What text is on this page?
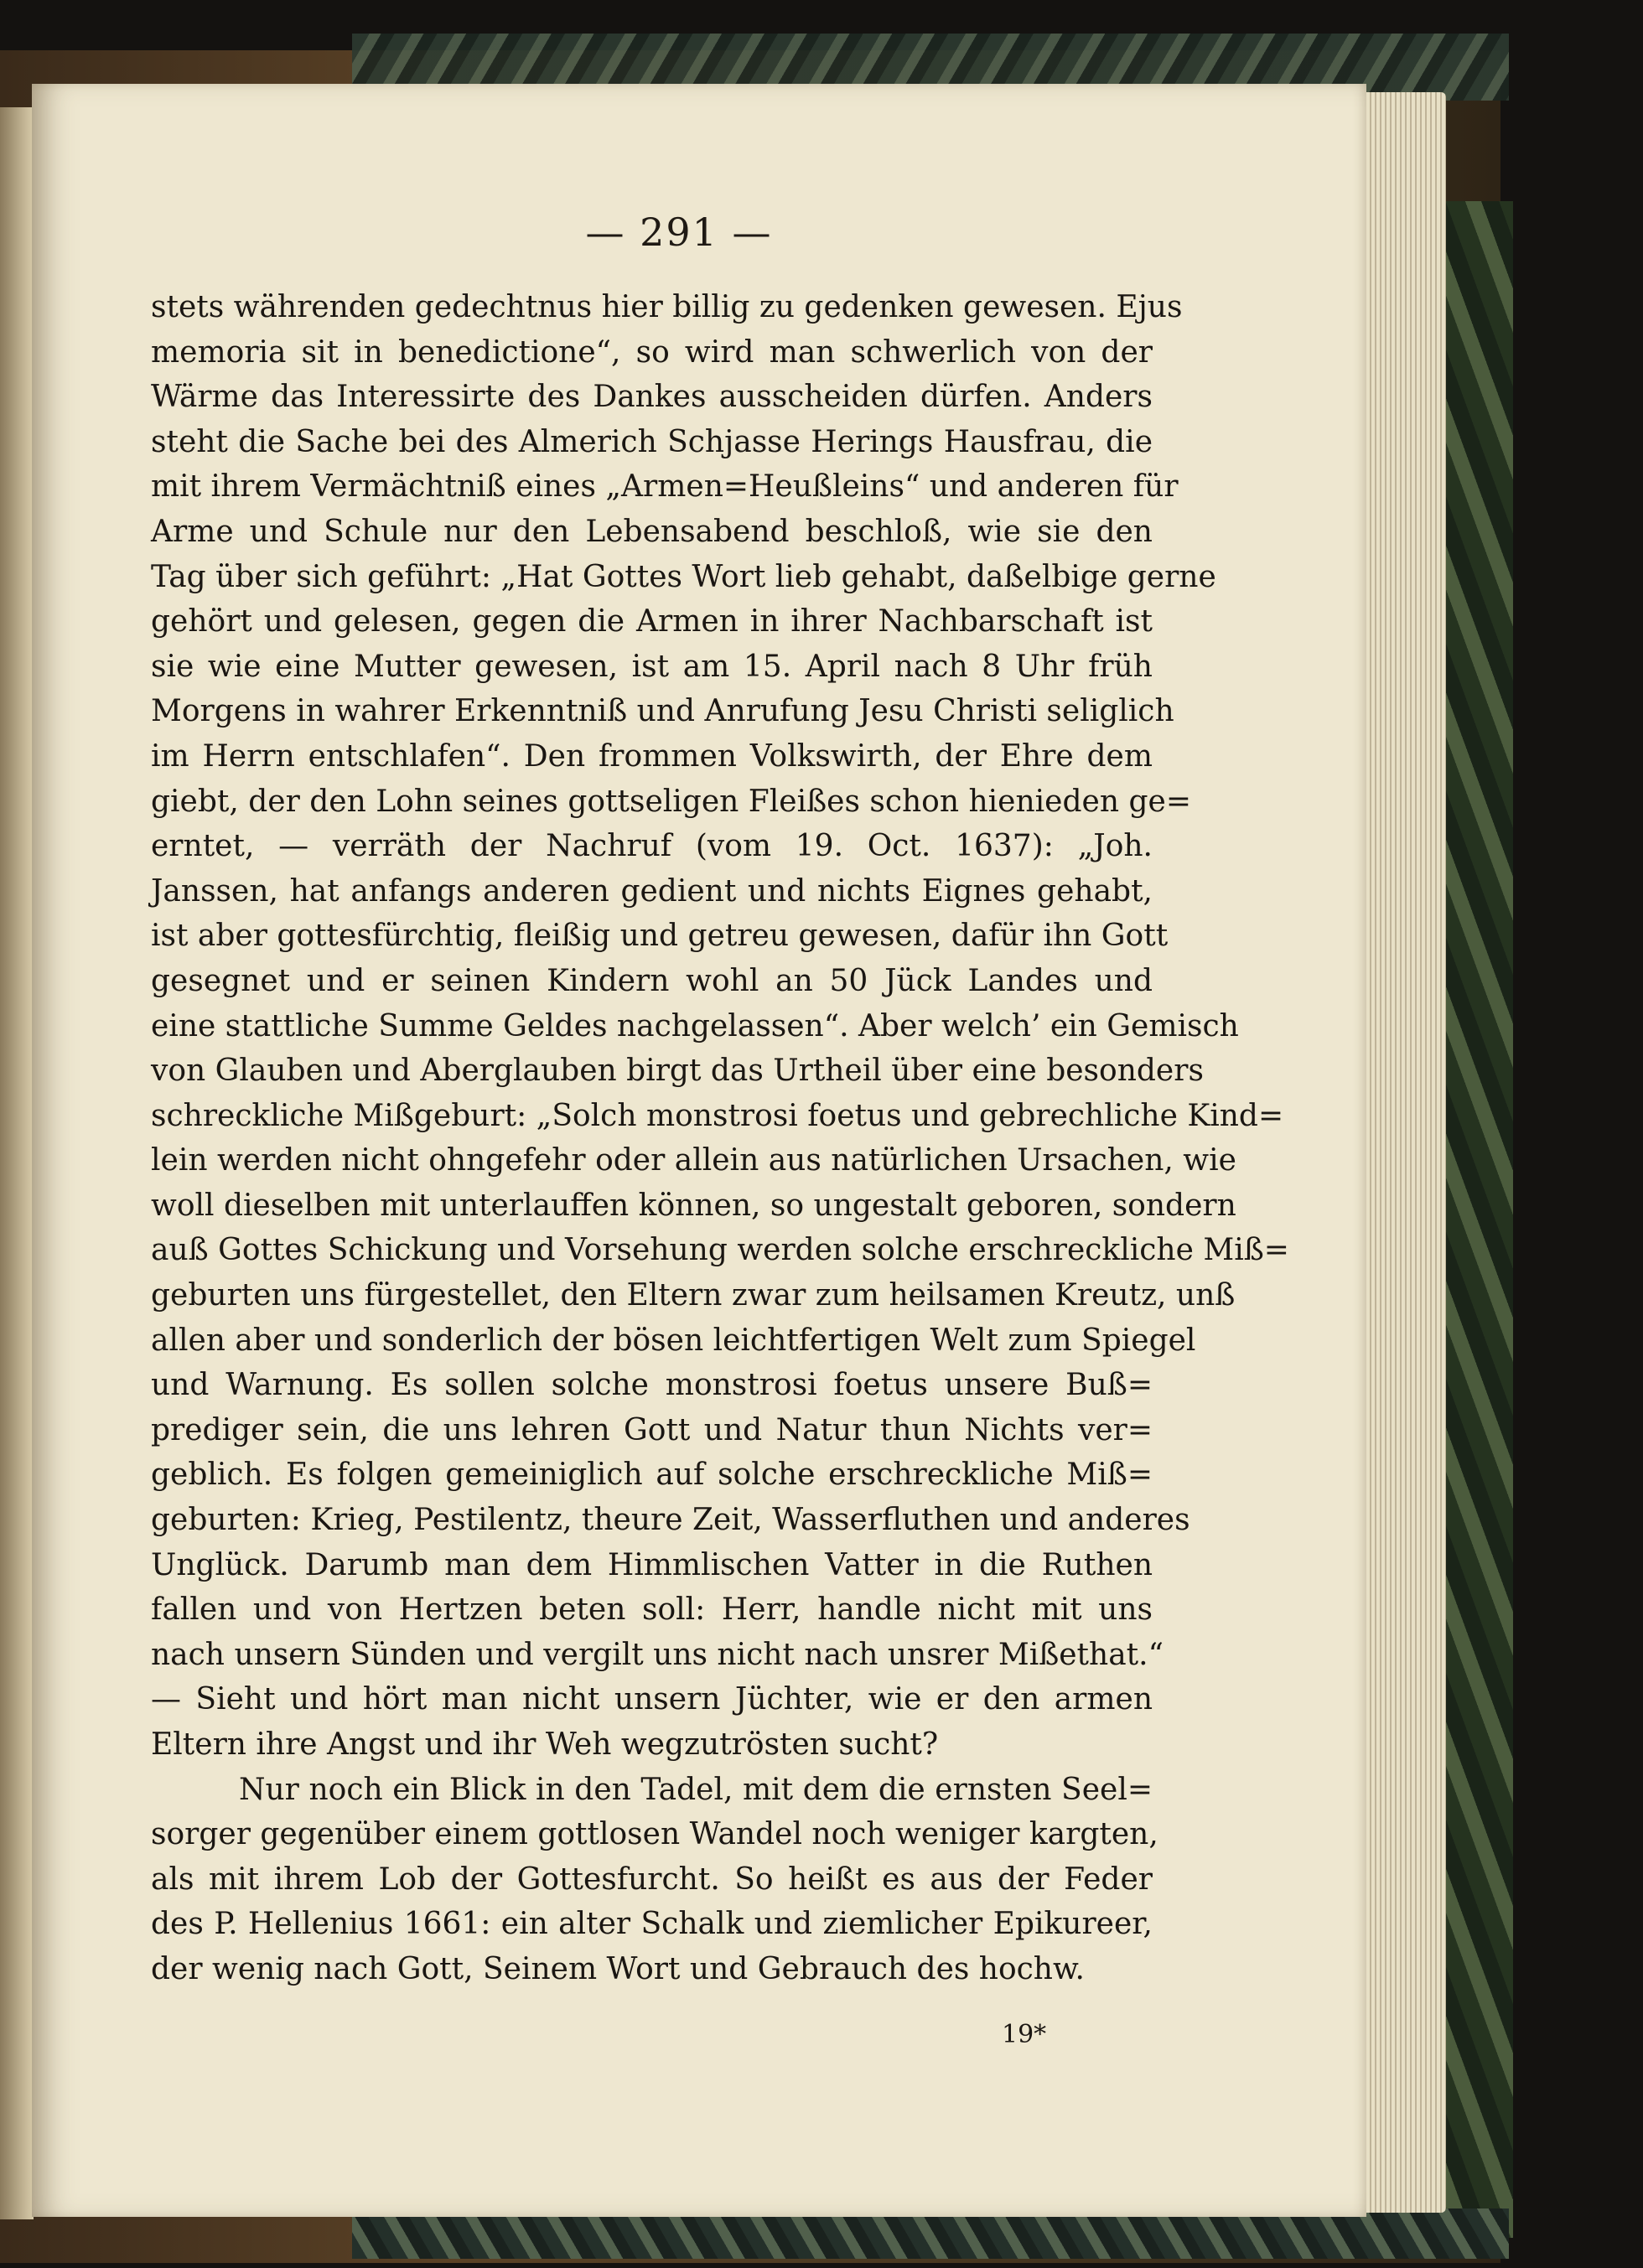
— 291 —
stets währenden gedechtnus hier billig zu gedenken gewesen. Ejus
memoria sit in benedictione“, so wird man schwerlich von der
Wärme das Interessirte des Dankes ausscheiden dürfen. Anders
steht die Sache bei des Almerich Schjasse Herings Hausfrau, die
mit ihrem Vermächtniß eines „Armen=Heußleins“ und anderen für
Arme und Schule nur den Lebensabend beschloß, wie sie den
Tag über sich geführt: „Hat Gottes Wort lieb gehabt, daßelbige gerne
gehört und gelesen, gegen die Armen in ihrer Nachbarschaft ist
sie wie eine Mutter gewesen, ist am 15. April nach 8 Uhr früh
Morgens in wahrer Erkenntniß und Anrufung Jesu Christi seliglich
im Herrn entschlafen“. Den frommen Volkswirth, der Ehre dem
giebt, der den Lohn seines gottseligen Fleißes schon hienieden ge=
erntet, — verräth der Nachruf (vom 19. Oct. 1637): „Joh.
Janssen, hat anfangs anderen gedient und nichts Eignes gehabt,
ist aber gottesfürchtig, fleißig und getreu gewesen, dafür ihn Gott
gesegnet und er seinen Kindern wohl an 50 Jück Landes und
eine stattliche Summe Geldes nachgelassen“. Aber welch’ ein Gemisch
von Glauben und Aberglauben birgt das Urtheil über eine besonders
schreckliche Mißgeburt: „Solch monstrosi foetus und gebrechliche Kind=
lein werden nicht ohngefehr oder allein aus natürlichen Ursachen, wie
woll dieselben mit unterlauffen können, so ungestalt geboren, sondern
auß Gottes Schickung und Vorsehung werden solche erschreckliche Miß=
geburten uns fürgestellet, den Eltern zwar zum heilsamen Kreutz, unß
allen aber und sonderlich der bösen leichtfertigen Welt zum Spiegel
und Warnung. Es sollen solche monstrosi foetus unsere Buß=
prediger sein, die uns lehren Gott und Natur thun Nichts ver=
geblich. Es folgen gemeiniglich auf solche erschreckliche Miß=
geburten: Krieg, Pestilentz, theure Zeit, Wasserfluthen und anderes
Unglück. Darumb man dem Himmlischen Vatter in die Ruthen
fallen und von Hertzen beten soll: Herr, handle nicht mit uns
nach unsern Sünden und vergilt uns nicht nach unsrer Mißethat.“
— Sieht und hört man nicht unsern Jüchter, wie er den armen
Eltern ihre Angst und ihr Weh wegzutrösten sucht?
Nur noch ein Blick in den Tadel, mit dem die ernsten Seel=
sorger gegenüber einem gottlosen Wandel noch weniger kargten,
als mit ihrem Lob der Gottesfurcht. So heißt es aus der Feder
des P. Hellenius 1661: ein alter Schalk und ziemlicher Epikureer,
der wenig nach Gott, Seinem Wort und Gebrauch des hochw.
19*
